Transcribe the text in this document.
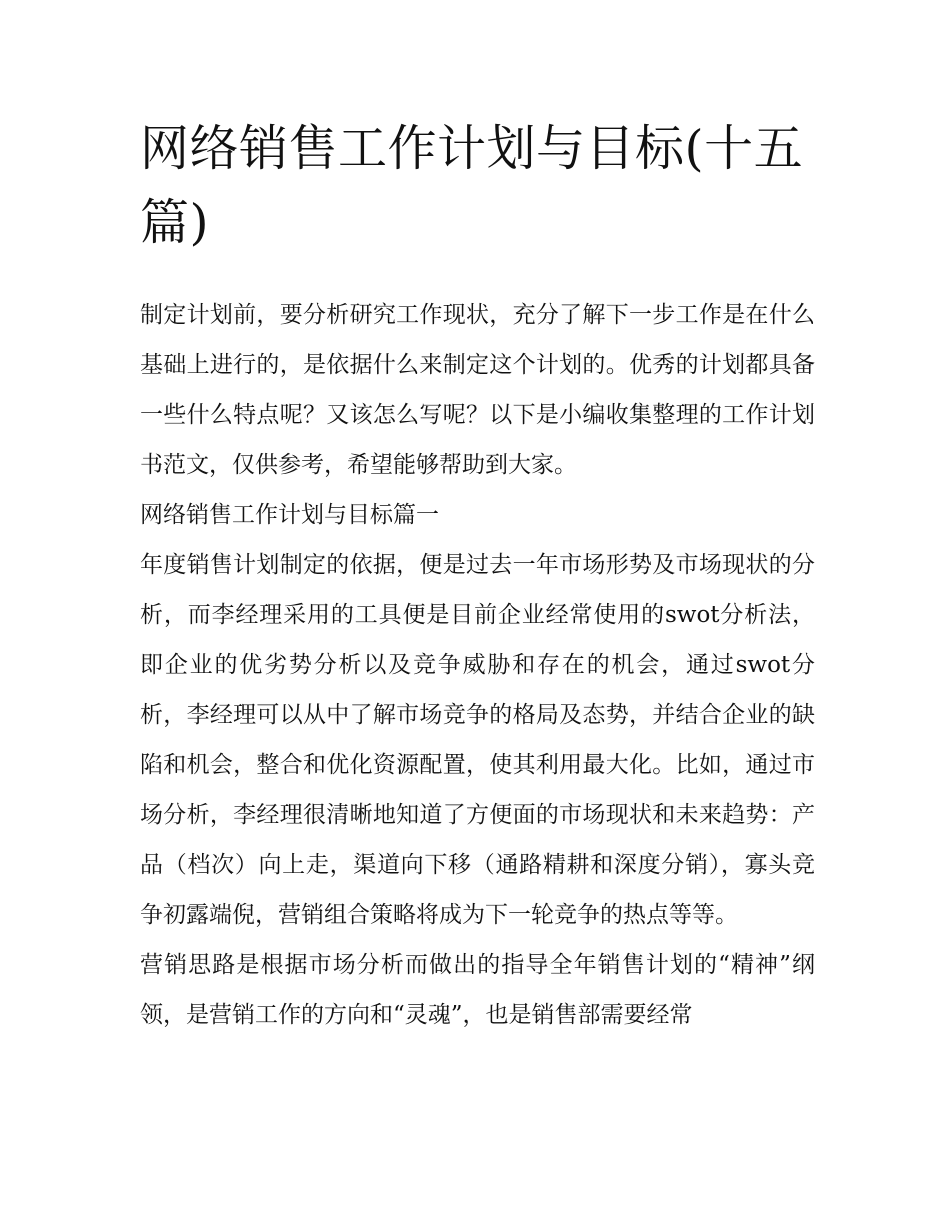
网络销售工作计划与目标(十五篇)

制定计划前，要分析研究工作现状，充分了解下一步工作是在什么基础上进行的，是依据什么来制定这个计划的。优秀的计划都具备一些什么特点呢？又该怎么写呢？以下是小编收集整理的工作计划书范文，仅供参考，希望能够帮助到大家。

网络销售工作计划与目标篇一

年度销售计划制定的依据，便是过去一年市场形势及市场现状的分析，而李经理采用的工具便是目前企业经常使用的swot分析法，即企业的优劣势分析以及竞争威胁和存在的机会，通过swot分析，李经理可以从中了解市场竞争的格局及态势，并结合企业的缺陷和机会，整合和优化资源配置，使其利用最大化。比如，通过市场分析，李经理很清晰地知道了方便面的市场现状和未来趋势：产品（档次）向上走，渠道向下移（通路精耕和深度分销），寡头竞争初露端倪，营销组合策略将成为下一轮竞争的热点等等。

营销思路是根据市场分析而做出的指导全年销售计划的“精神”纲领，是营销工作的方向和“灵魂”，也是销售部需要经常
